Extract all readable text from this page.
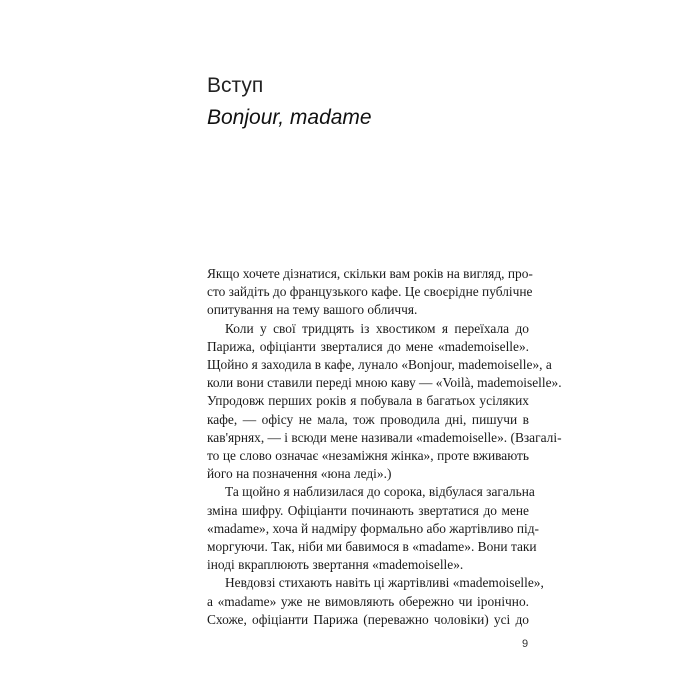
Вступ
Bonjour, madame
Якщо хочете дізнатися, скільки вам років на вигляд, про-
сто зайдіть до французького кафе. Це своєрідне публічне
опитування на тему вашого обличчя.
Коли у свої тридцять із хвостиком я переїхала до
Парижа, офіціанти зверталися до мене «mademoiselle».
Щойно я заходила в кафе, лунало «Bonjour, mademoiselle», а
коли вони ставили переді мною каву — «Voilà, mademoiselle».
Упродовж перших років я побувала в багатьох усіляких
кафе, — офісу не мала, тож проводила дні, пишучи в
кав'ярнях, — і всюди мене називали «mademoiselle». (Взагалі-
то це слово означає «незаміжня жінка», проте вживають
його на позначення «юна леді».)
Та щойно я наблизилася до сорока, відбулася загальна
зміна шифру. Офіціанти починають звертатися до мене
«madame», хоча й надміру формально або жартівливо під-
моргуючи. Так, ніби ми бавимося в «madame». Вони таки
іноді вкраплюють звертання «mademoiselle».
Невдовзі стихають навіть ці жартівливі «mademoiselle»,
а «madame» уже не вимовляють обережно чи іронічно.
Схоже, офіціанти Парижа (переважно чоловіки) усі до
9
